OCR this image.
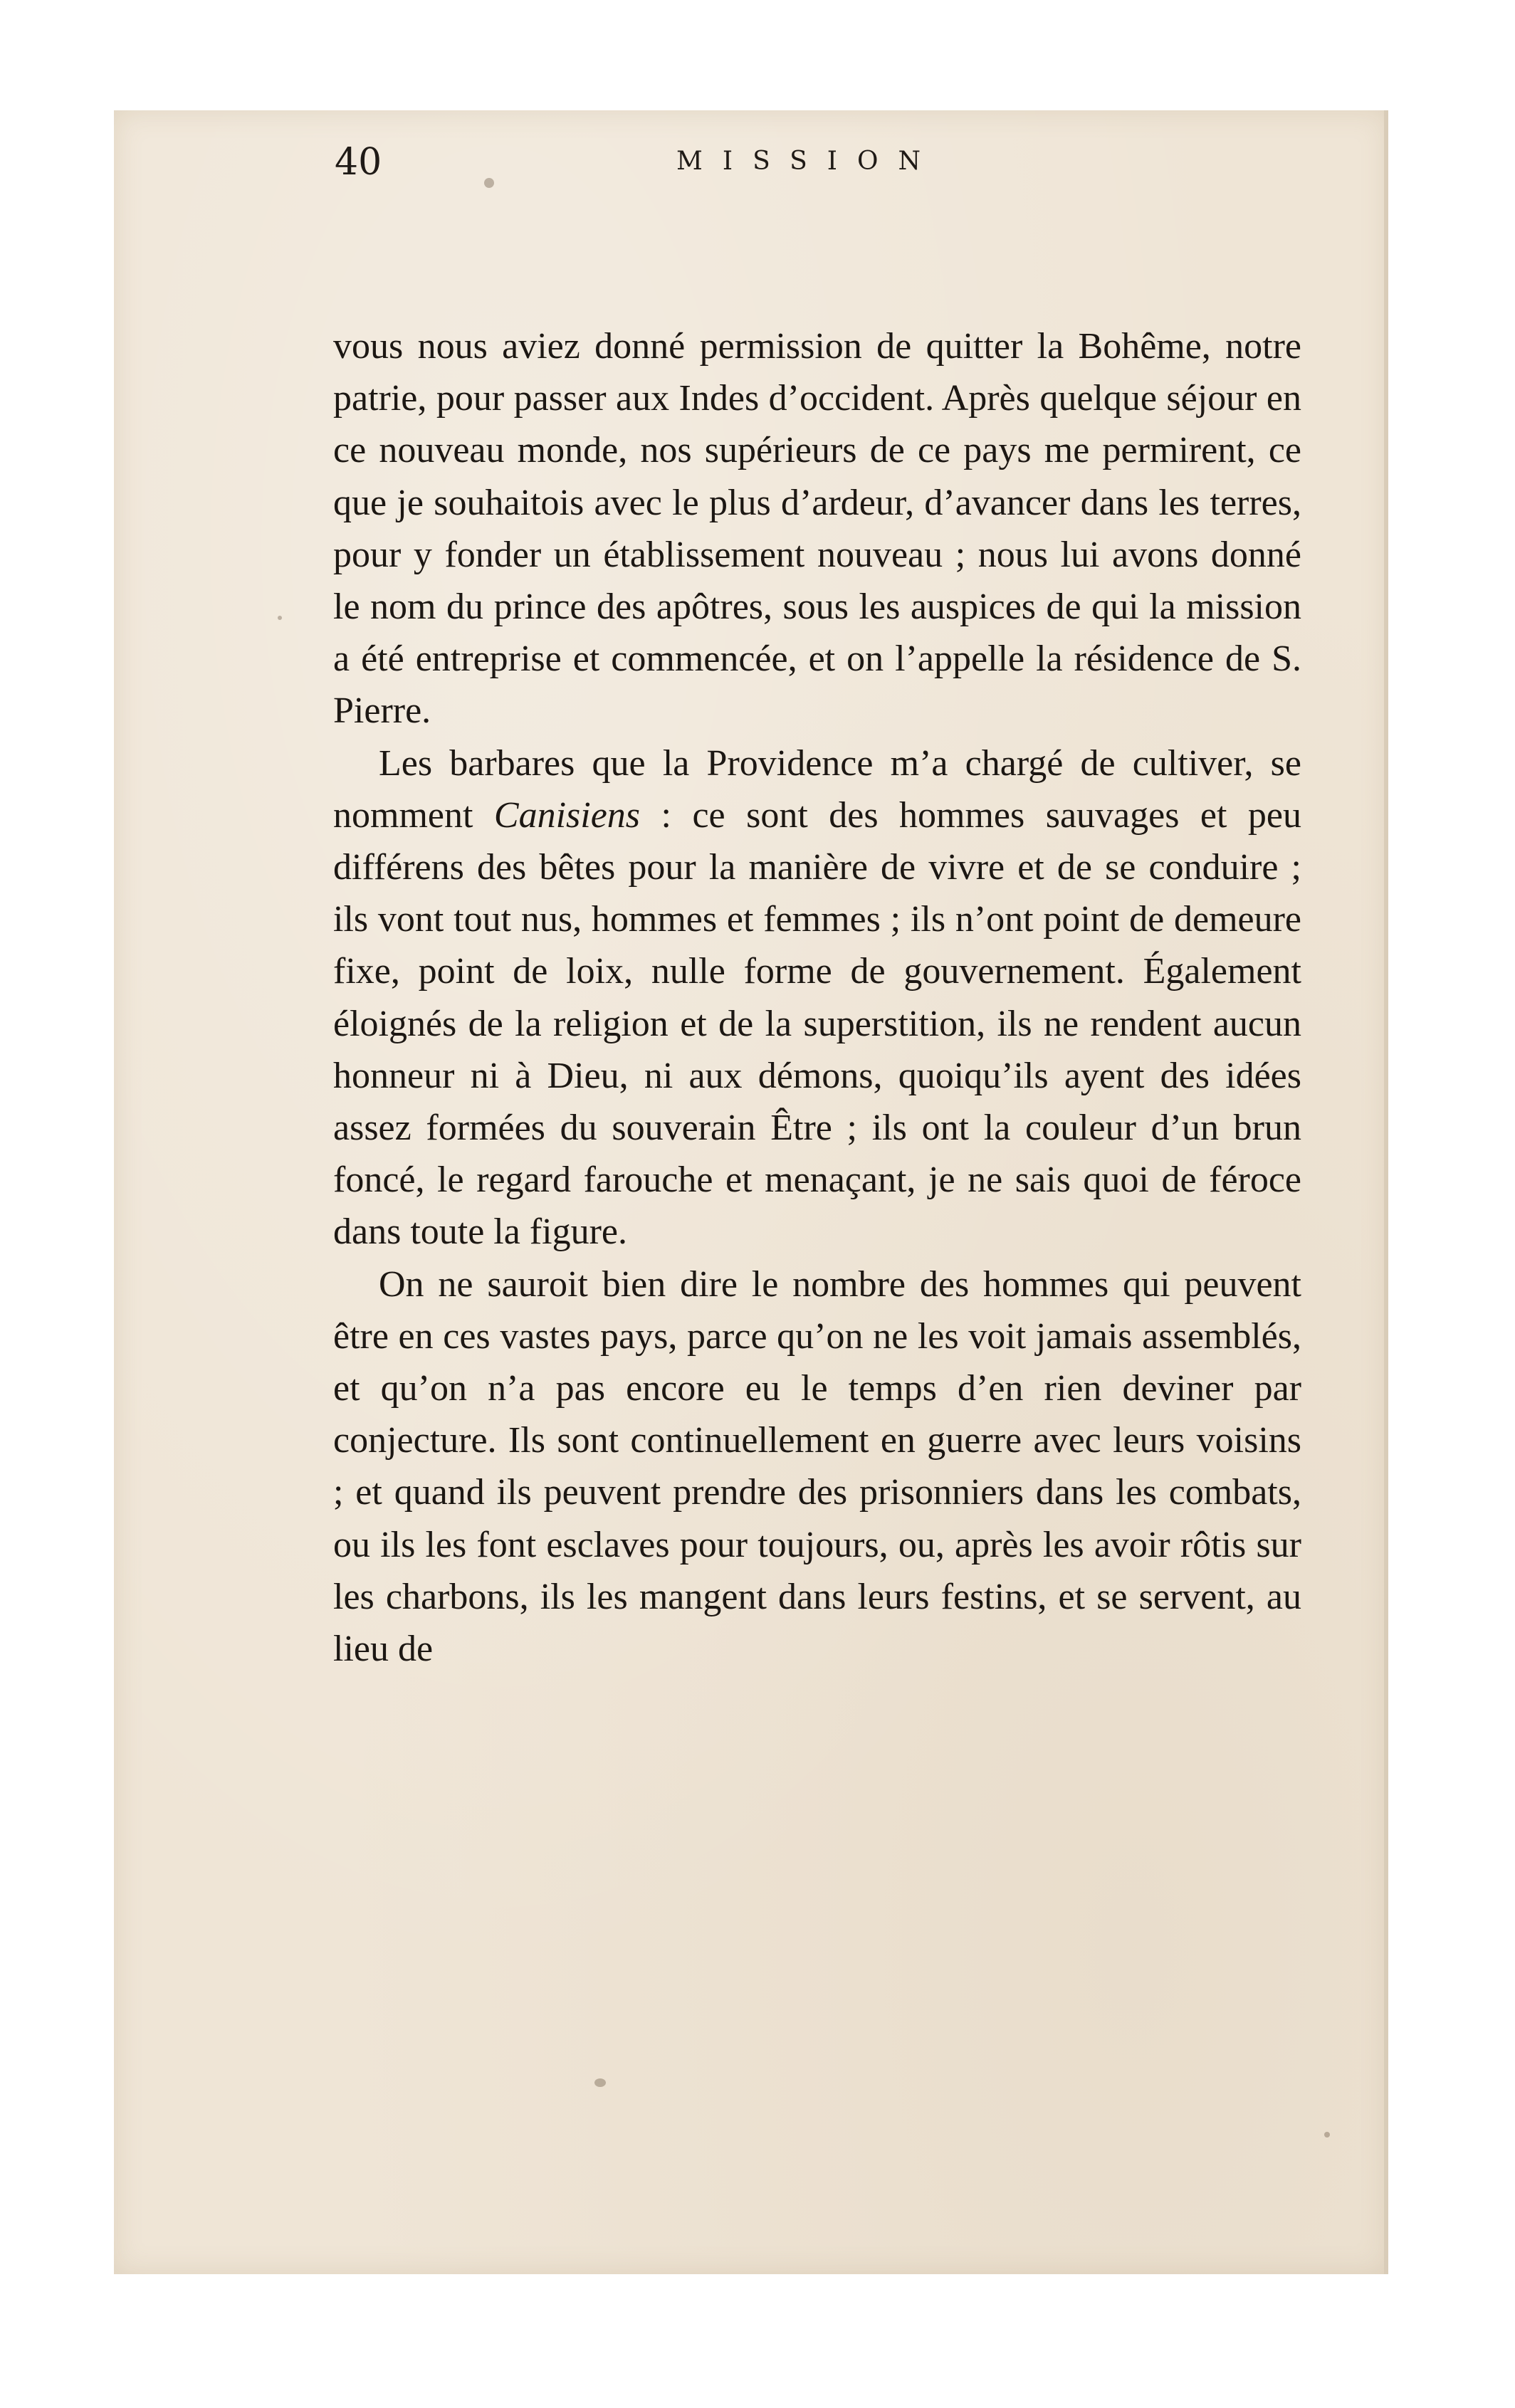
40	MISSION

vous nous aviez donné permission de quitter la Bohême, notre patrie, pour passer aux Indes d’occident. Après quelque séjour en ce nouveau monde, nos supérieurs de ce pays me permirent, ce que je souhaitois avec le plus d’ardeur, d’avancer dans les terres, pour y fonder un établissement nouveau ; nous lui avons donné le nom du prince des apôtres, sous les auspices de qui la mission a été entreprise et commencée, et on l’appelle la résidence de S. Pierre.

Les barbares que la Providence m’a chargé de cultiver, se nomment Canisiens : ce sont des hommes sauvages et peu différens des bêtes pour la manière de vivre et de se conduire ; ils vont tout nus, hommes et femmes ; ils n’ont point de demeure fixe, point de loix, nulle forme de gouvernement. Également éloignés de la religion et de la superstition, ils ne rendent aucun honneur ni à Dieu, ni aux démons, quoiqu’ils ayent des idées assez formées du souverain Être ; ils ont la couleur d’un brun foncé, le regard farouche et menaçant, je ne sais quoi de féroce dans toute la figure.

On ne sauroit bien dire le nombre des hommes qui peuvent être en ces vastes pays, parce qu’on ne les voit jamais assemblés, et qu’on n’a pas encore eu le temps d’en rien deviner par conjecture. Ils sont continuellement en guerre avec leurs voisins ; et quand ils peuvent prendre des prisonniers dans les combats, ou ils les font esclaves pour toujours, ou, après les avoir rôtis sur les charbons, ils les mangent dans leurs festins, et se servent, au lieu de
